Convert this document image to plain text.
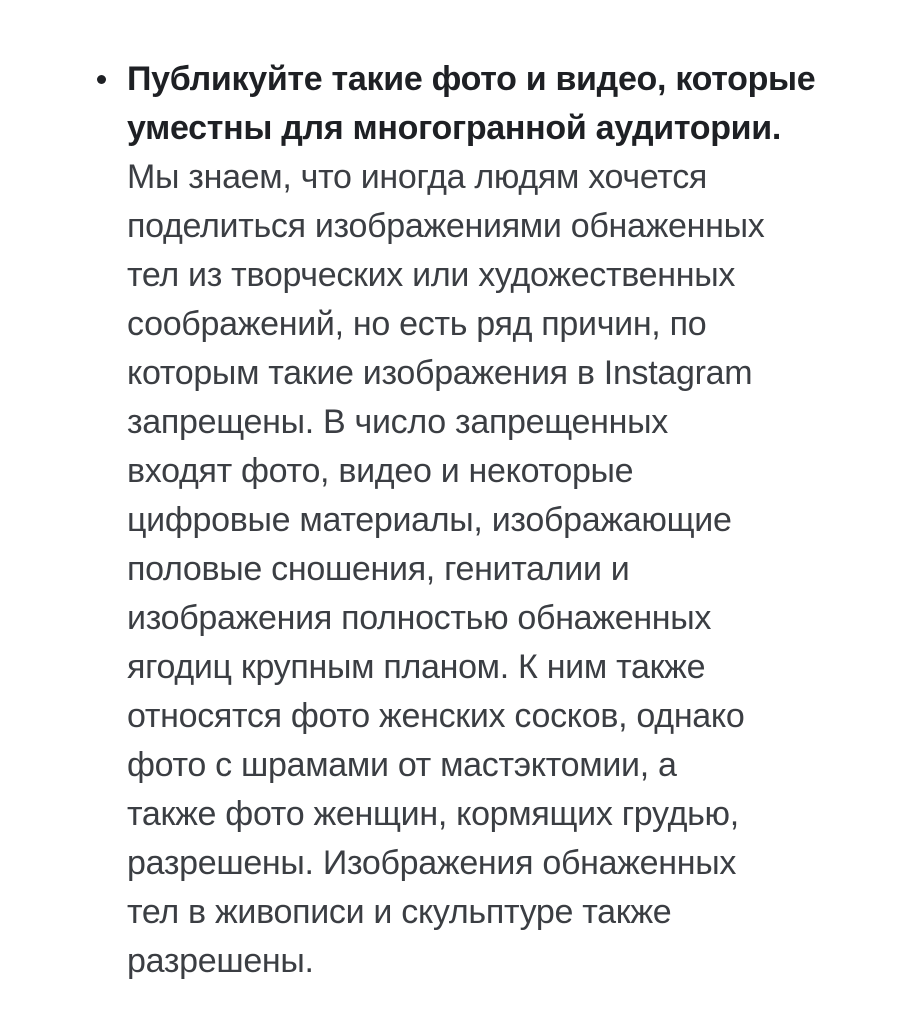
Публикуйте такие фото и видео, которые
уместны для многогранной аудитории.
Мы знаем, что иногда людям хочется
поделиться изображениями обнаженных
тел из творческих или художественных
соображений, но есть ряд причин, по
которым такие изображения в Instagram
запрещены. В число запрещенных
входят фото, видео и некоторые
цифровые материалы, изображающие
половые сношения, гениталии и
изображения полностью обнаженных
ягодиц крупным планом. К ним также
относятся фото женских сосков, однако
фото с шрамами от мастэктомии, а
также фото женщин, кормящих грудью,
разрешены. Изображения обнаженных
тел в живописи и скульптуре также
разрешены.
